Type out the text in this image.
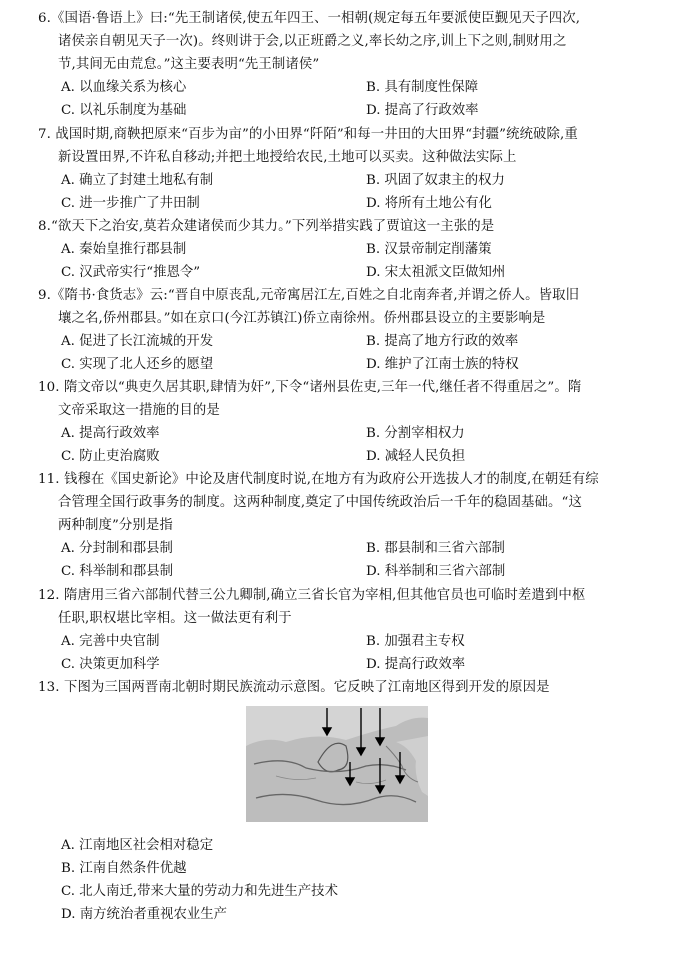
6.《国语·鲁语上》曰:“先王制诸侯,使五年四王、一相朝(规定每五年要派使臣觐见天子四次,
诸侯亲自朝见天子一次)。终则讲于会,以正班爵之义,率长幼之序,训上下之则,制财用之
节,其间无由荒怠。”这主要表明“先王制诸侯”
A. 以血缘关系为核心	B. 具有制度性保障
C. 以礼乐制度为基础	D. 提高了行政效率
7. 战国时期,商鞅把原来“百步为亩”的小田界“阡陌”和每一井田的大田界“封疆”统统破除,重
新设置田界,不许私自移动;并把土地授给农民,土地可以买卖。这种做法实际上
A. 确立了封建土地私有制	B. 巩固了奴隶主的权力
C. 进一步推广了井田制	D. 将所有土地公有化
8.“欲天下之治安,莫若众建诸侯而少其力。”下列举措实践了贾谊这一主张的是
A. 秦始皇推行郡县制	B. 汉景帝制定削藩策
C. 汉武帝实行“推恩令”	D. 宋太祖派文臣做知州
9.《隋书·食货志》云:“晋自中原丧乱,元帝寓居江左,百姓之自北南奔者,并谓之侨人。皆取旧
壤之名,侨州郡县。”如在京口(今江苏镇江)侨立南徐州。侨州郡县设立的主要影响是
A. 促进了长江流城的开发	B. 提高了地方行政的效率
C. 实现了北人还乡的愿望	D. 维护了江南士族的特权
10. 隋文帝以“典吏久居其职,肆情为奸”,下令“诸州县佐吏,三年一代,继任者不得重居之”。隋
文帝采取这一措施的目的是
A. 提高行政效率	B. 分割宰相权力
C. 防止吏治腐败	D. 减轻人民负担
11. 钱穆在《国史新论》中论及唐代制度时说,在地方有为政府公开选拔人才的制度,在朝廷有综
合管理全国行政事务的制度。这两种制度,奠定了中国传统政治后一千年的稳固基础。“这
两种制度”分别是指
A. 分封制和郡县制	B. 郡县制和三省六部制
C. 科举制和郡县制	D. 科举制和三省六部制
12. 隋唐用三省六部制代替三公九卿制,确立三省长官为宰相,但其他官员也可临时差遣到中枢
任职,职权堪比宰相。这一做法更有利于
A. 完善中央官制	B. 加强君主专权
C. 决策更加科学	D. 提高行政效率
13. 下图为三国两晋南北朝时期民族流动示意图。它反映了江南地区得到开发的原因是
A. 江南地区社会相对稳定
B. 江南自然条件优越
C. 北人南迁,带来大量的劳动力和先进生产技术
D. 南方统治者重视农业生产
